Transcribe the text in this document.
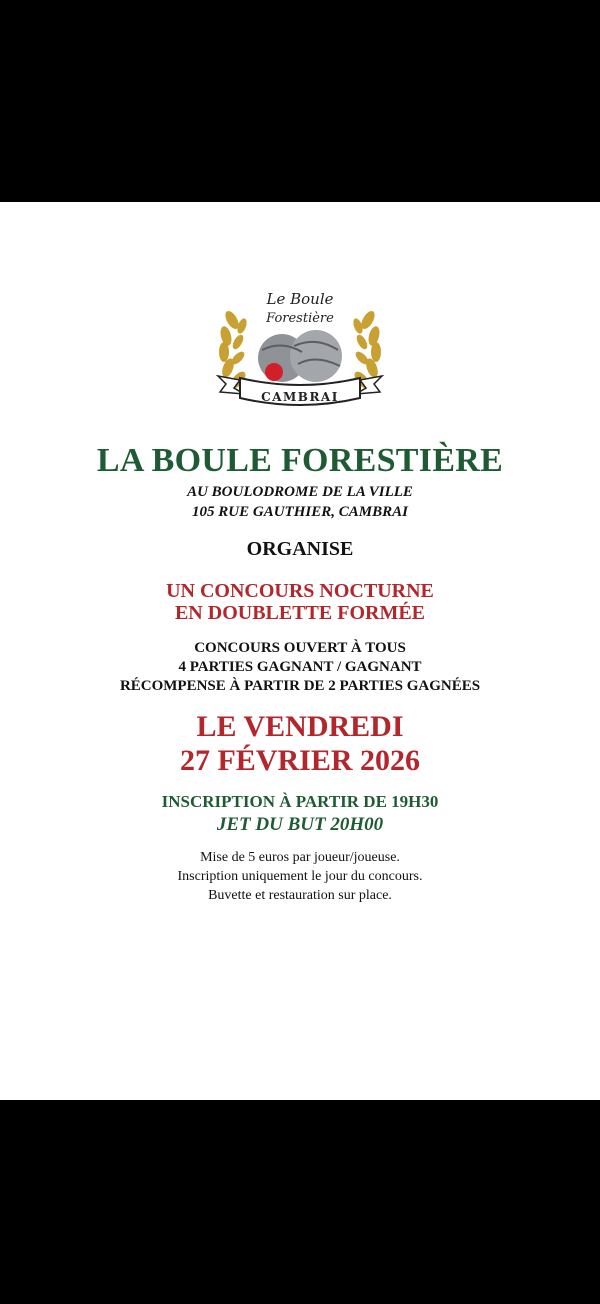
Le Boule
Forestière
CAMBRAI
LA BOULE FORESTIÈRE
AU BOULODROME DE LA VILLE
105 RUE GAUTHIER, CAMBRAI
ORGANISE
UN CONCOURS NOCTURNE
EN DOUBLETTE FORMÉE
CONCOURS OUVERT À TOUS
4 PARTIES GAGNANT / GAGNANT
RÉCOMPENSE À PARTIR DE 2 PARTIES GAGNÉES
LE VENDREDI
27 FÉVRIER 2026
INSCRIPTION À PARTIR DE 19H30
JET DU BUT 20H00
Mise de 5 euros par joueur/joueuse.
Inscription uniquement le jour du concours.
Buvette et restauration sur place.
